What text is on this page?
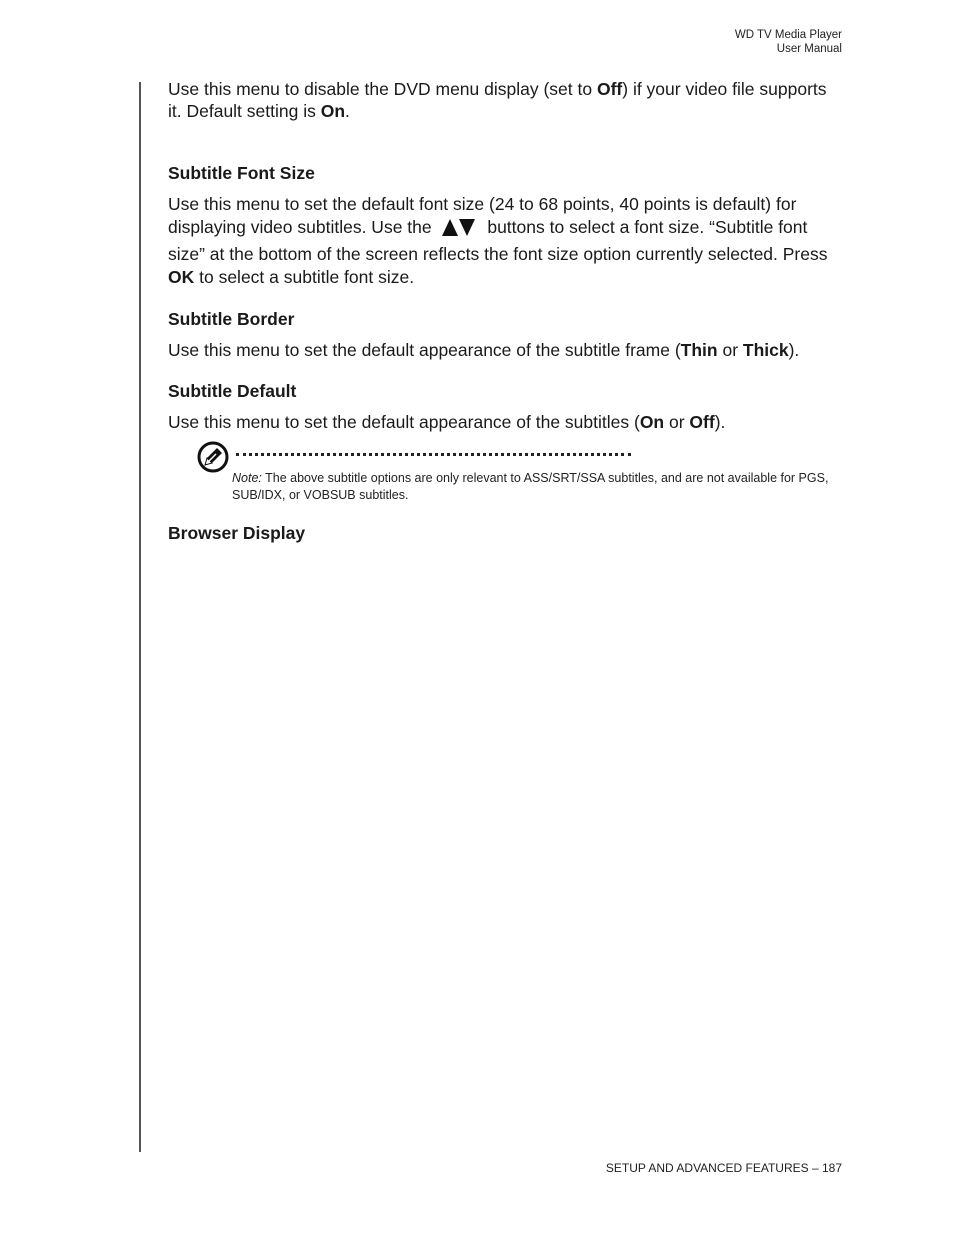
WD TV Media Player
User Manual

Use this menu to disable the DVD menu display (set to Off) if your video file supports it. Default setting is On.

Subtitle Font Size

Use this menu to set the default font size (24 to 68 points, 40 points is default) for displaying video subtitles. Use the	buttons to select a font size. “Subtitle font size” at the bottom of the screen reflects the font size option currently selected. Press OK to select a subtitle font size.

Subtitle Border

Use this menu to set the default appearance of the subtitle frame (Thin or Thick).

Subtitle Default

Use this menu to set the default appearance of the subtitles (On or Off).

Note: The above subtitle options are only relevant to ASS/SRT/SSA subtitles, and are not available for PGS, SUB/IDX, or VOBSUB subtitles.
Browser Display
SETUP AND ADVANCED FEATURES – 187
